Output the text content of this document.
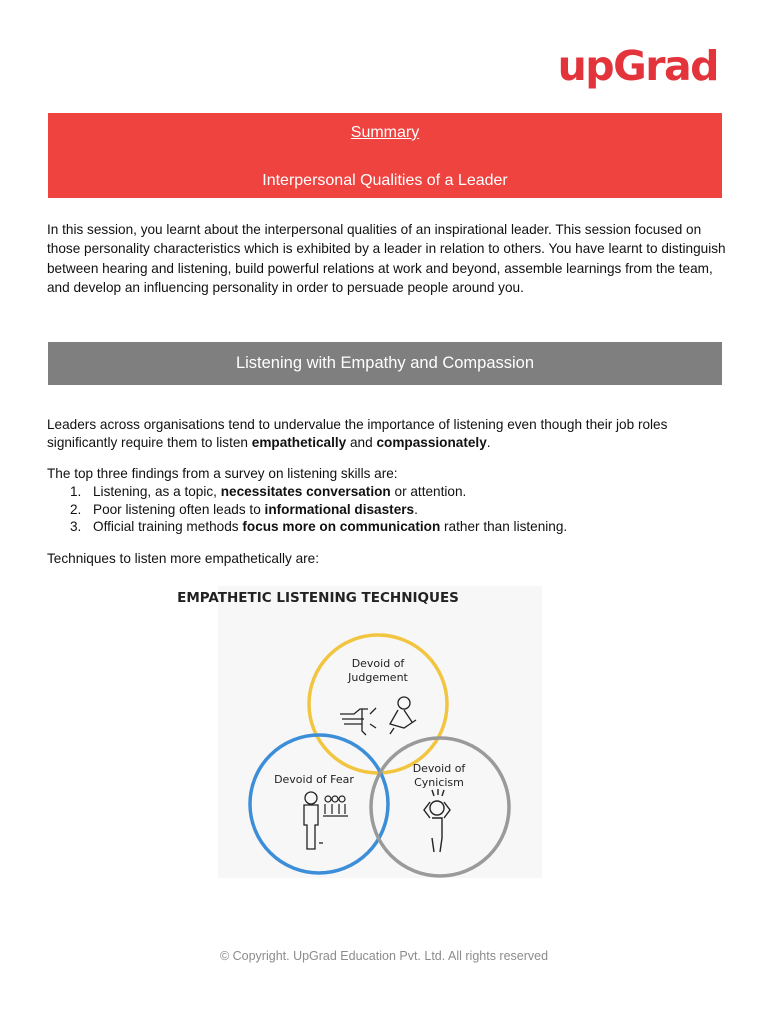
upGrad
Summary
Interpersonal Qualities of a Leader

In this session, you learnt about the interpersonal qualities of an inspirational leader. This session focused on those personality characteristics which is exhibited by a leader in relation to others. You have learnt to distinguish between hearing and listening, build powerful relations at work and beyond, assemble learnings from the team, and develop an influencing personality in order to persuade people around you.

Listening with Empathy and Compassion

Leaders across organisations tend to undervalue the importance of listening even though their job roles significantly require them to listen empathetically and compassionately.

The top three findings from a survey on listening skills are:

1. Listening, as a topic, necessitates conversation or attention.
2. Poor listening often leads to informational disasters.
3. Official training methods focus more on communication rather than listening.

Techniques to listen more empathetically are:

EMPATHETIC LISTENING TECHNIQUES
Devoid of
Judgement
Devoid of Fear
Devoid of
Cynicism
© Copyright. UpGrad Education Pvt. Ltd. All rights reserved
